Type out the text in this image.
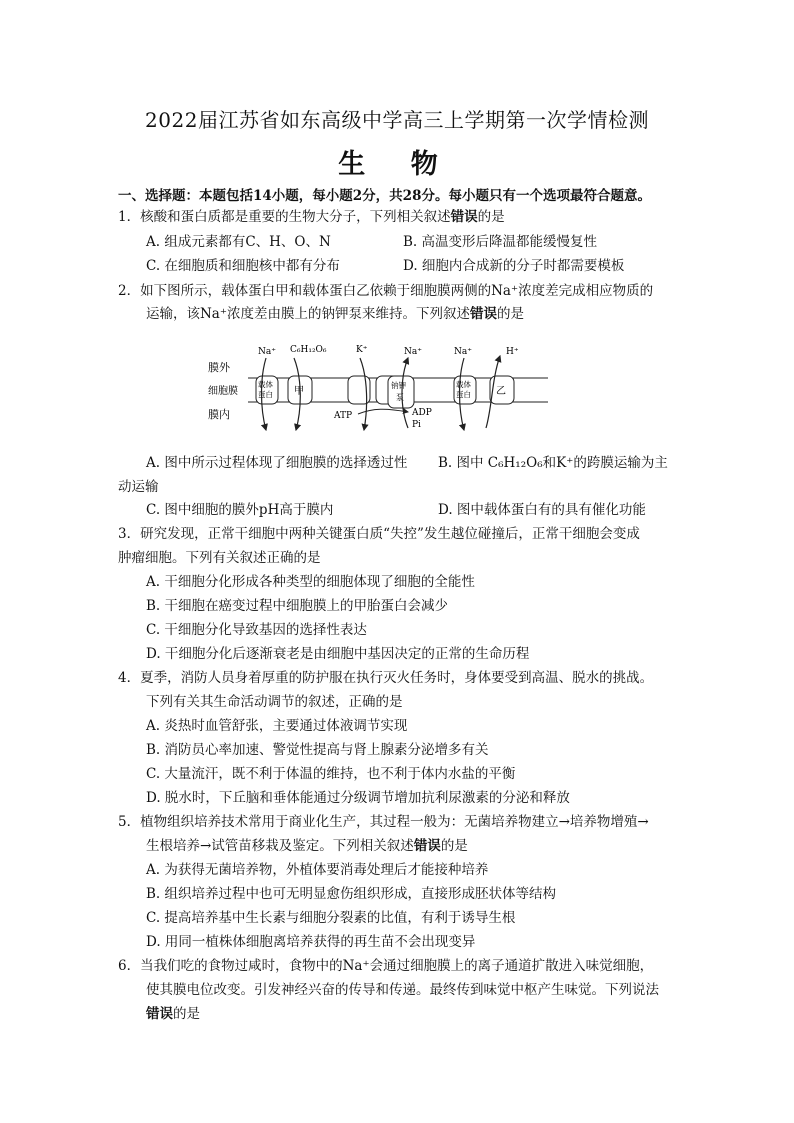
2022届江苏省如东高级中学高三上学期第一次学情检测
生 物
一、选择题：本题包括14小题，每小题2分，共28分。每小题只有一个选项最符合题意。
1．核酸和蛋白质都是重要的生物大分子，下列相关叙述错误的是
A. 组成元素都有C、H、O、N	B. 高温变形后降温都能缓慢复性
C. 在细胞质和细胞核中都有分布	D. 细胞内合成新的分子时都需要模板
2．如下图所示，载体蛋白甲和载体蛋白乙依赖于细胞膜两侧的Na⁺浓度差完成相应物质的
运输，该Na⁺浓度差由膜上的钠钾泵来维持。下列叙述错误的是
膜外
细胞膜
膜内
载体
蛋白 甲
Na⁺ C₆H₁₂O₆	K⁺
钠钾
泵
Na⁺
ATP	ADP
Pi
载体
蛋白	乙
Na⁺	H⁺
A. 图中所示过程体现了细胞膜的选择透过性 B. 图中 C₆H₁₂O₆和K⁺的跨膜运输为主
动运输
C. 图中细胞的膜外pH高于膜内	D. 图中载体蛋白有的具有催化功能
3．研究发现，正常干细胞中两种关键蛋白质“失控”发生越位碰撞后，正常干细胞会变成
肿瘤细胞。下列有关叙述正确的是
A. 干细胞分化形成各种类型的细胞体现了细胞的全能性
B. 干细胞在癌变过程中细胞膜上的甲胎蛋白会减少
C. 干细胞分化导致基因的选择性表达
D. 干细胞分化后逐渐衰老是由细胞中基因决定的正常的生命历程
4．夏季，消防人员身着厚重的防护服在执行灭火任务时，身体要受到高温、脱水的挑战。
下列有关其生命活动调节的叙述，正确的是
A. 炎热时血管舒张，主要通过体液调节实现
B. 消防员心率加速、警觉性提高与肾上腺素分泌增多有关
C. 大量流汗，既不利于体温的维持，也不利于体内水盐的平衡
D. 脱水时，下丘脑和垂体能通过分级调节增加抗利尿激素的分泌和释放
5．植物组织培养技术常用于商业化生产，其过程一般为：无菌培养物建立→培养物增殖→
生根培养→试管苗移栽及鉴定。下列相关叙述错误的是
A. 为获得无菌培养物，外植体要消毒处理后才能接种培养
B. 组织培养过程中也可无明显愈伤组织形成，直接形成胚状体等结构
C. 提高培养基中生长素与细胞分裂素的比值，有利于诱导生根
D. 用同一植株体细胞离培养获得的再生苗不会出现变异
6．当我们吃的食物过咸时，食物中的Na⁺会通过细胞膜上的离子通道扩散进入味觉细胞，
使其膜电位改变。引发神经兴奋的传导和传递。最终传到味觉中枢产生味觉。下列说法
错误的是
